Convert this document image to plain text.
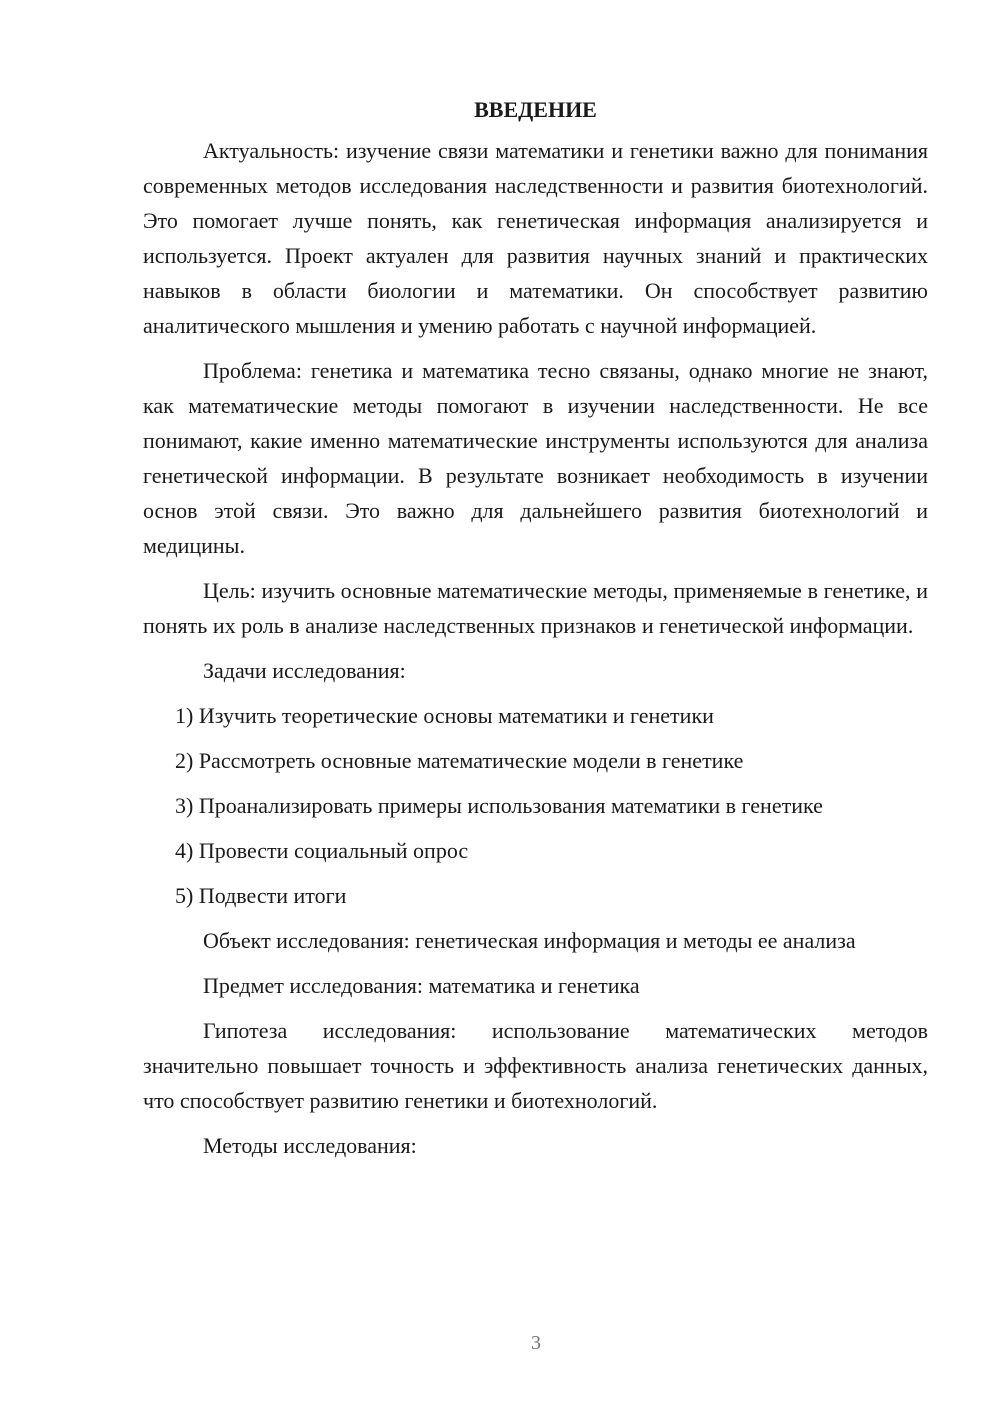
ВВЕДЕНИЕ

Актуальность: изучение связи математики и генетики важно для понимания современных методов исследования наследственности и развития биотехнологий. Это помогает лучше понять, как генетическая информация анализируется и используется. Проект актуален для развития научных знаний и практических навыков в области биологии и математики. Он способствует развитию аналитического мышления и умению работать с научной информацией.

Проблема: генетика и математика тесно связаны, однако многие не знают, как математические методы помогают в изучении наследственности. Не все понимают, какие именно математические инструменты используются для анализа генетической информации. В результате возникает необходимость в изучении основ этой связи. Это важно для дальнейшего развития биотехнологий и медицины.

Цель: изучить основные математические методы, применяемые в генетике, и понять их роль в анализе наследственных признаков и генетической информации.

Задачи исследования:

1) Изучить теоретические основы математики и генетики
2) Рассмотреть основные математические модели в генетике
3) Проанализировать примеры использования математики в генетике
4) Провести социальный опрос
5) Подвести итоги

Объект исследования: генетическая информация и методы ее анализа

Предмет исследования: математика и генетика

Гипотеза исследования: использование математических методов значительно повышает точность и эффективность анализа генетических данных, что способствует развитию генетики и биотехнологий.

Методы исследования:

3
